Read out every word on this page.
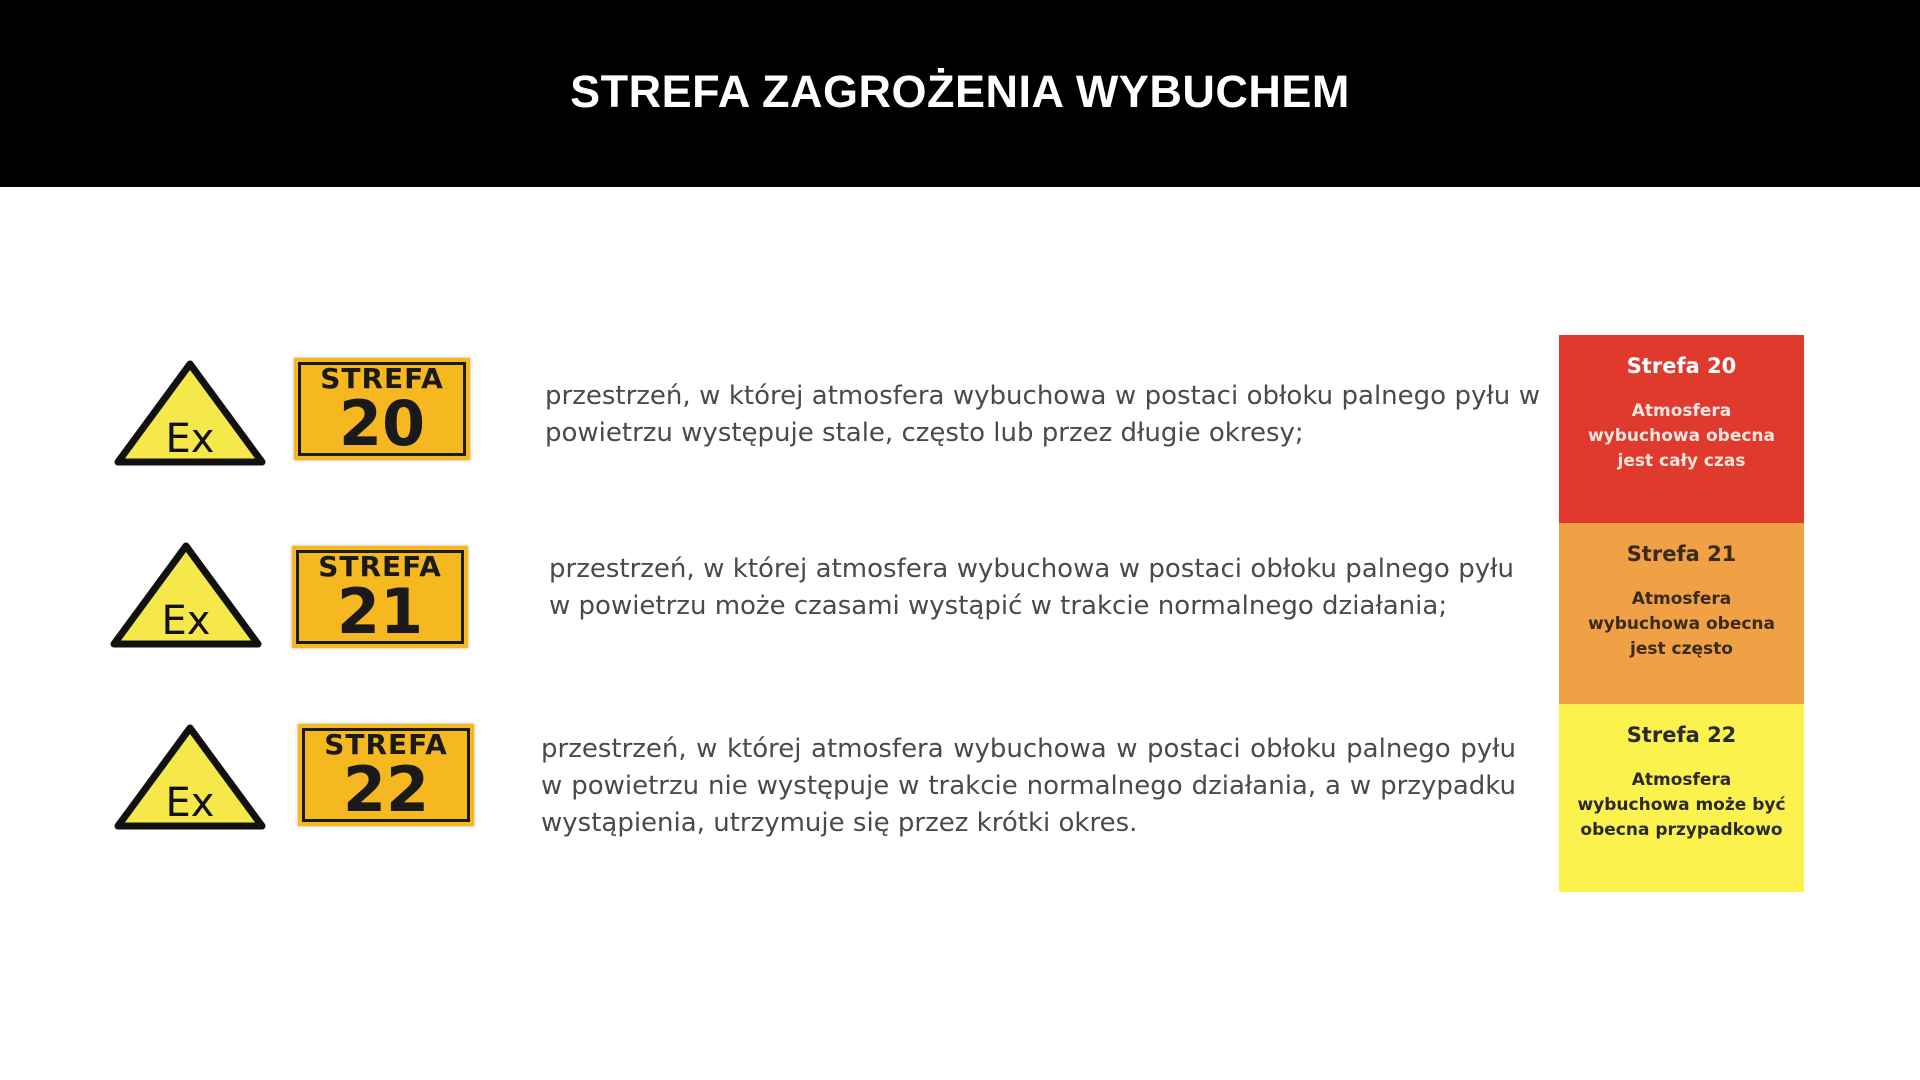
STREFA ZAGROŻENIA WYBUCHEM
Ex
STREFA
20	przestrzeń, w której atmosfera wybuchowa w postaci obłoku palnego pyłu w powietrzu występuje stale, często lub przez długie okresy;
Ex
STREFA
21
przestrzeń, w której atmosfera wybuchowa w postaci obłoku palnego pyłu w powietrzu może czasami wystąpić w trakcie normalnego działania;
Ex
STREFA
22
przestrzeń, w której atmosfera wybuchowa w postaci obłoku palnego pyłu w powietrzu nie występuje w trakcie normalnego działania, a w przypadku wystąpienia, utrzymuje się przez krótki okres.
Strefa 20
Atmosfera wybuchowa obecna jest cały czas
Strefa 21
Atmosfera wybuchowa obecna jest często
Strefa 22
Atmosfera wybuchowa może być obecna przypadkowo
